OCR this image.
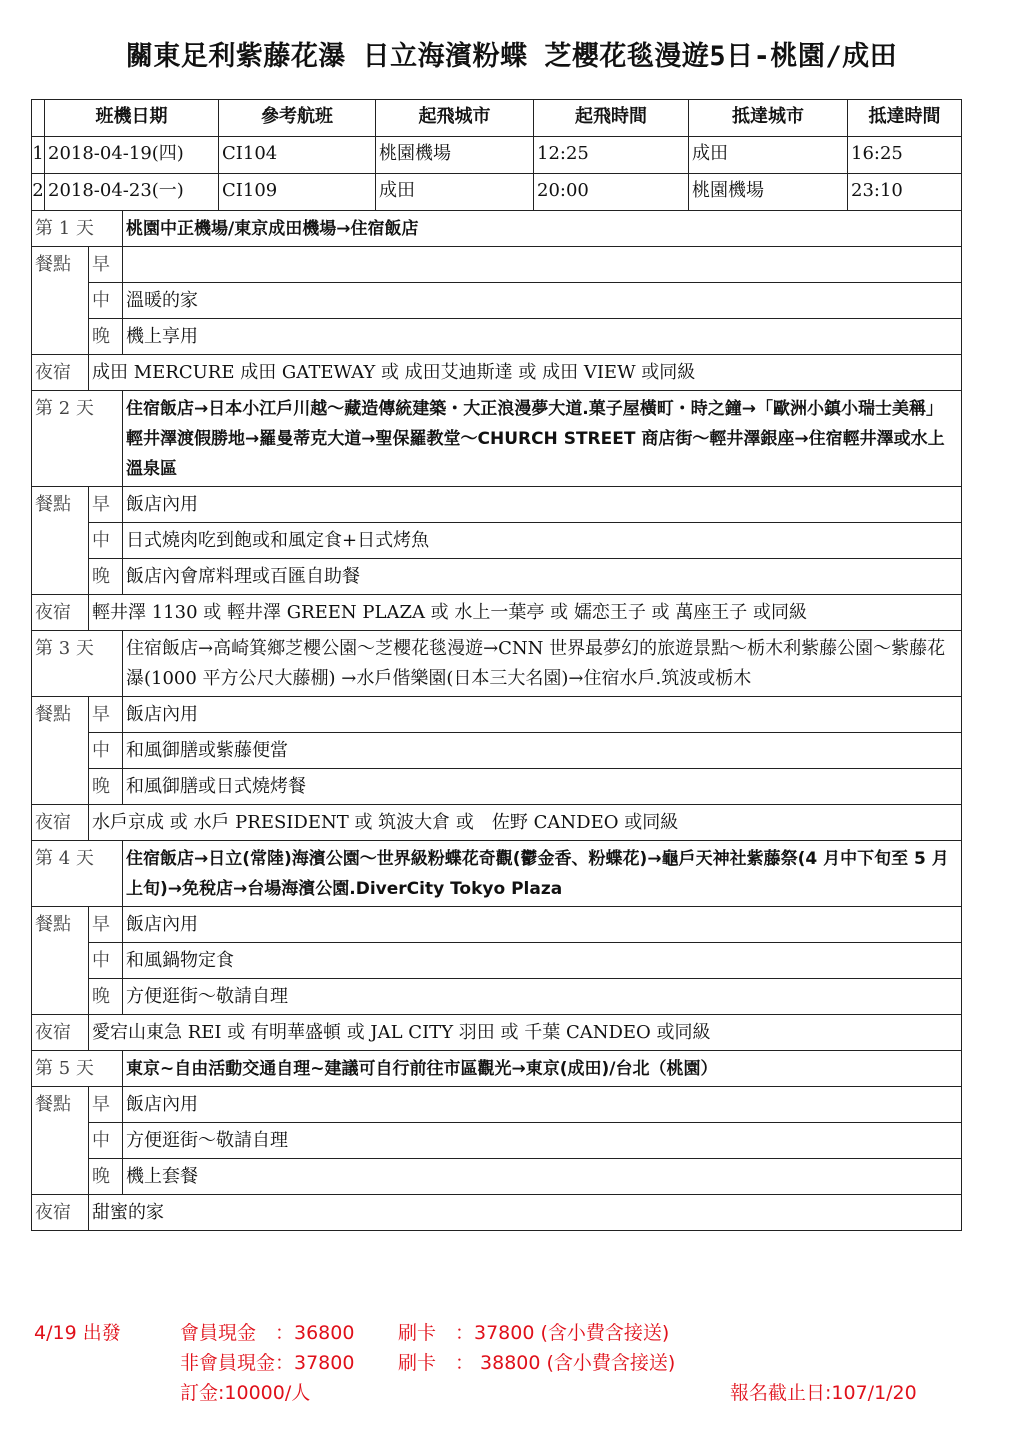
關東足利紫藤花瀑 日立海濱粉蝶 芝櫻花毯漫遊5日-桃園/成田
	班機日期			參考航班	起飛城市	起飛時間	抵達城市	抵達時間
1	2018-04-19(四)			CI104	桃園機場	12:25	成田	16:25
2	2018-04-23(一)			CI109	成田	20:00	桃園機場	23:10
第 1 天			桃園中正機場/東京成田機場→住宿飯店					
餐點		早						
		中	溫暖的家					
		晚	機上享用					
夜宿		成田 MERCURE 成田 GATEWAY 或 成田艾迪斯達 或 成田 VIEW 或同級						
第 2 天			住宿飯店→日本小江戶川越～藏造傳統建築・大正浪漫夢大道.菓子屋橫町・時之鐘→「歐洲小鎮小瑞士美稱」輕井澤渡假勝地→羅曼蒂克大道→聖保羅教堂～CHURCH STREET 商店街～輕井澤銀座→住宿輕井澤或水上溫泉區					
餐點		早	飯店內用					
		中	日式燒肉吃到飽或和風定食+日式烤魚					
		晚	飯店內會席料理或百匯自助餐					
夜宿		輕井澤 1130 或 輕井澤 GREEN PLAZA 或 水上一葉亭 或 嬬恋王子 或 萬座王子 或同級						
第 3 天			住宿飯店→高崎箕鄉芝櫻公園～芝櫻花毯漫遊→CNN 世界最夢幻的旅遊景點～栃木利紫藤公園～紫藤花瀑(1000 平方公尺大藤棚) →水戶偕樂園(日本三大名園)→住宿水戶.筑波或栃木					
餐點		早	飯店內用					
		中	和風御膳或紫藤便當					
		晚	和風御膳或日式燒烤餐					
夜宿		水戶京成 或 水戶 PRESIDENT 或 筑波大倉 或　佐野 CANDEO 或同級						
第 4 天			住宿飯店→日立(常陸)海濱公園～世界級粉蝶花奇觀(鬱金香、粉蝶花)→龜戶天神社紫藤祭(4 月中下旬至 5 月上旬)→免稅店→台場海濱公園.DiverCity Tokyo Plaza					
餐點		早	飯店內用					
		中	和風鍋物定食					
		晚	方便逛街～敬請自理					
夜宿		愛宕山東急 REI 或 有明華盛頓 或 JAL CITY 羽田 或 千葉 CANDEO 或同級						
第 5 天			東京~自由活動交通自理~建議可自行前往市區觀光→東京(成田)/台北（桃園）					
餐點		早	飯店內用					
		中	方便逛街～敬請自理					
		晚	機上套餐					
夜宿		甜蜜的家						
4/19 出發	會員現金　：36800 刷卡　：37800 (含小費含接送)
非會員現金：37800 刷卡　： 38800 (含小費含接送)
訂金:10000/人	報名截止日:107/1/20
